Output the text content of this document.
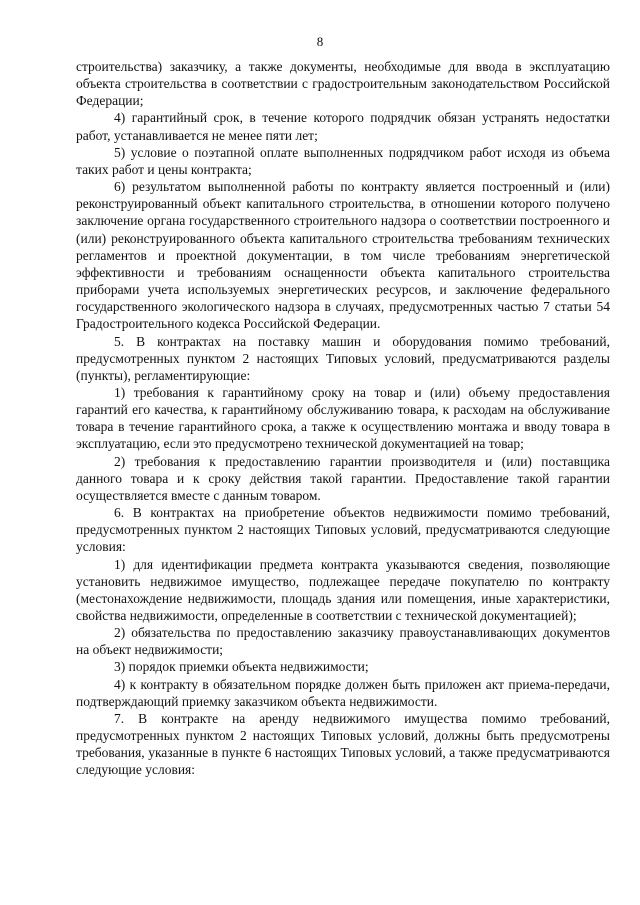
8

строительства) заказчику, а также документы, необходимые для ввода в эксплуатацию объекта строительства в соответствии с градостроительным законодательством Российской Федерации;

4) гарантийный срок, в течение которого подрядчик обязан устранять недостатки работ, устанавливается не менее пяти лет;

5) условие о поэтапной оплате выполненных подрядчиком работ исходя из объема таких работ и цены контракта;

6) результатом выполненной работы по контракту является построенный и (или) реконструированный объект капитального строительства, в отношении которого получено заключение органа государственного строительного надзора о соответствии построенного и (или) реконструированного объекта капитального строительства требованиям технических регламентов и проектной документации, в том числе требованиям энергетической эффективности и требованиям оснащенности объекта капитального строительства приборами учета используемых энергетических ресурсов, и заключение федерального государственного экологического надзора в случаях, предусмотренных частью 7 статьи 54 Градостроительного кодекса Российской Федерации.

5. В контрактах на поставку машин и оборудования помимо требований, предусмотренных пунктом 2 настоящих Типовых условий, предусматриваются разделы (пункты), регламентирующие:

1) требования к гарантийному сроку на товар и (или) объему предоставления гарантий его качества, к гарантийному обслуживанию товара, к расходам на обслуживание товара в течение гарантийного срока, а также к осуществлению монтажа и вводу товара в эксплуатацию, если это предусмотрено технической документацией на товар;

2) требования к предоставлению гарантии производителя и (или) поставщика данного товара и к сроку действия такой гарантии. Предоставление такой гарантии осуществляется вместе с данным товаром.

6. В контрактах на приобретение объектов недвижимости помимо требований, предусмотренных пунктом 2 настоящих Типовых условий, предусматриваются следующие условия:

1) для идентификации предмета контракта указываются сведения, позволяющие установить недвижимое имущество, подлежащее передаче покупателю по контракту (местонахождение недвижимости, площадь здания или помещения, иные характеристики, свойства недвижимости, определенные в соответствии с технической документацией);

2) обязательства по предоставлению заказчику правоустанавливающих документов на объект недвижимости;

3) порядок приемки объекта недвижимости;

4) к контракту в обязательном порядке должен быть приложен акт приема-передачи, подтверждающий приемку заказчиком объекта недвижимости.

7. В контракте на аренду недвижимого имущества помимо требований, предусмотренных пунктом 2 настоящих Типовых условий, должны быть предусмотрены требования, указанные в пункте 6 настоящих Типовых условий, а также предусматриваются следующие условия:
